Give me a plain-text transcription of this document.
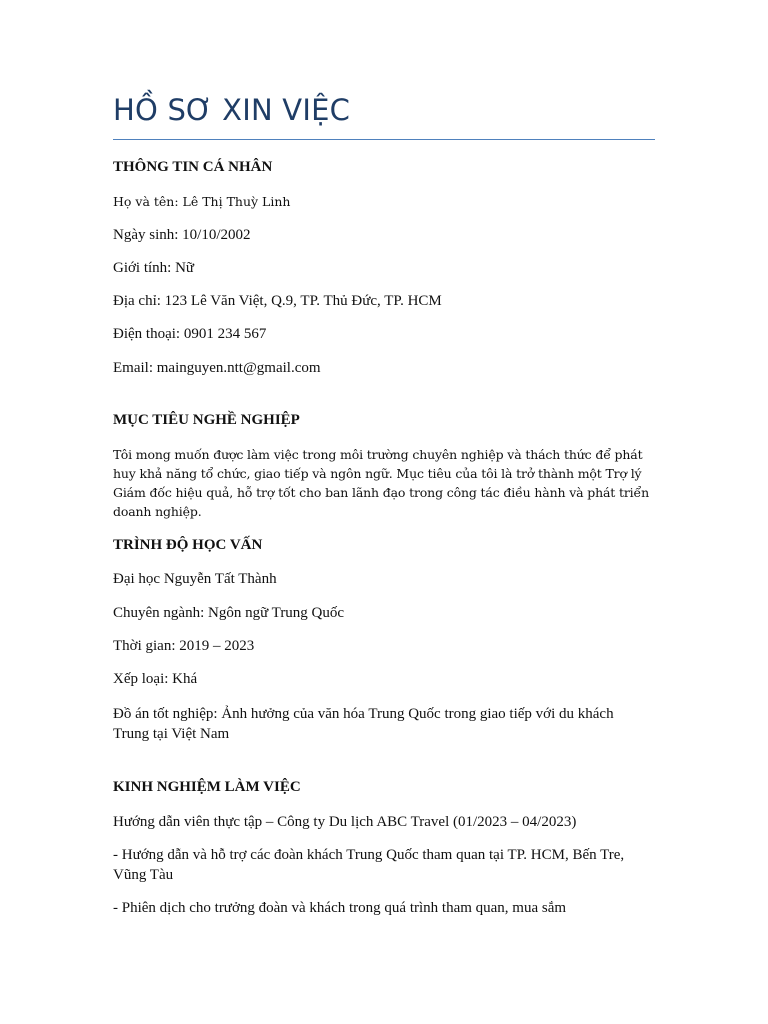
HỒ SƠ XIN VIỆC
THÔNG TIN CÁ NHÂN
Họ và tên: Lê Thị Thuỳ Linh
Ngày sinh: 10/10/2002
Giới tính: Nữ
Địa chỉ: 123 Lê Văn Việt, Q.9, TP. Thủ Đức, TP. HCM
Điện thoại: 0901 234 567
Email: mainguyen.ntt@gmail.com
MỤC TIÊU NGHỀ NGHIỆP
Tôi mong muốn được làm việc trong môi trường chuyên nghiệp và thách thức để phát huy khả năng tổ chức, giao tiếp và ngôn ngữ. Mục tiêu của tôi là trở thành một Trợ lý Giám đốc hiệu quả, hỗ trợ tốt cho ban lãnh đạo trong công tác điều hành và phát triển doanh nghiệp.
TRÌNH ĐỘ HỌC VẤN
Đại học Nguyễn Tất Thành
Chuyên ngành: Ngôn ngữ Trung Quốc
Thời gian: 2019 – 2023
Xếp loại: Khá
Đồ án tốt nghiệp: Ảnh hưởng của văn hóa Trung Quốc trong giao tiếp với du khách Trung tại Việt Nam
KINH NGHIỆM LÀM VIỆC
Hướng dẫn viên thực tập – Công ty Du lịch ABC Travel (01/2023 – 04/2023)
- Hướng dẫn và hỗ trợ các đoàn khách Trung Quốc tham quan tại TP. HCM, Bến Tre, Vũng Tàu
- Phiên dịch cho trưởng đoàn và khách trong quá trình tham quan, mua sắm
